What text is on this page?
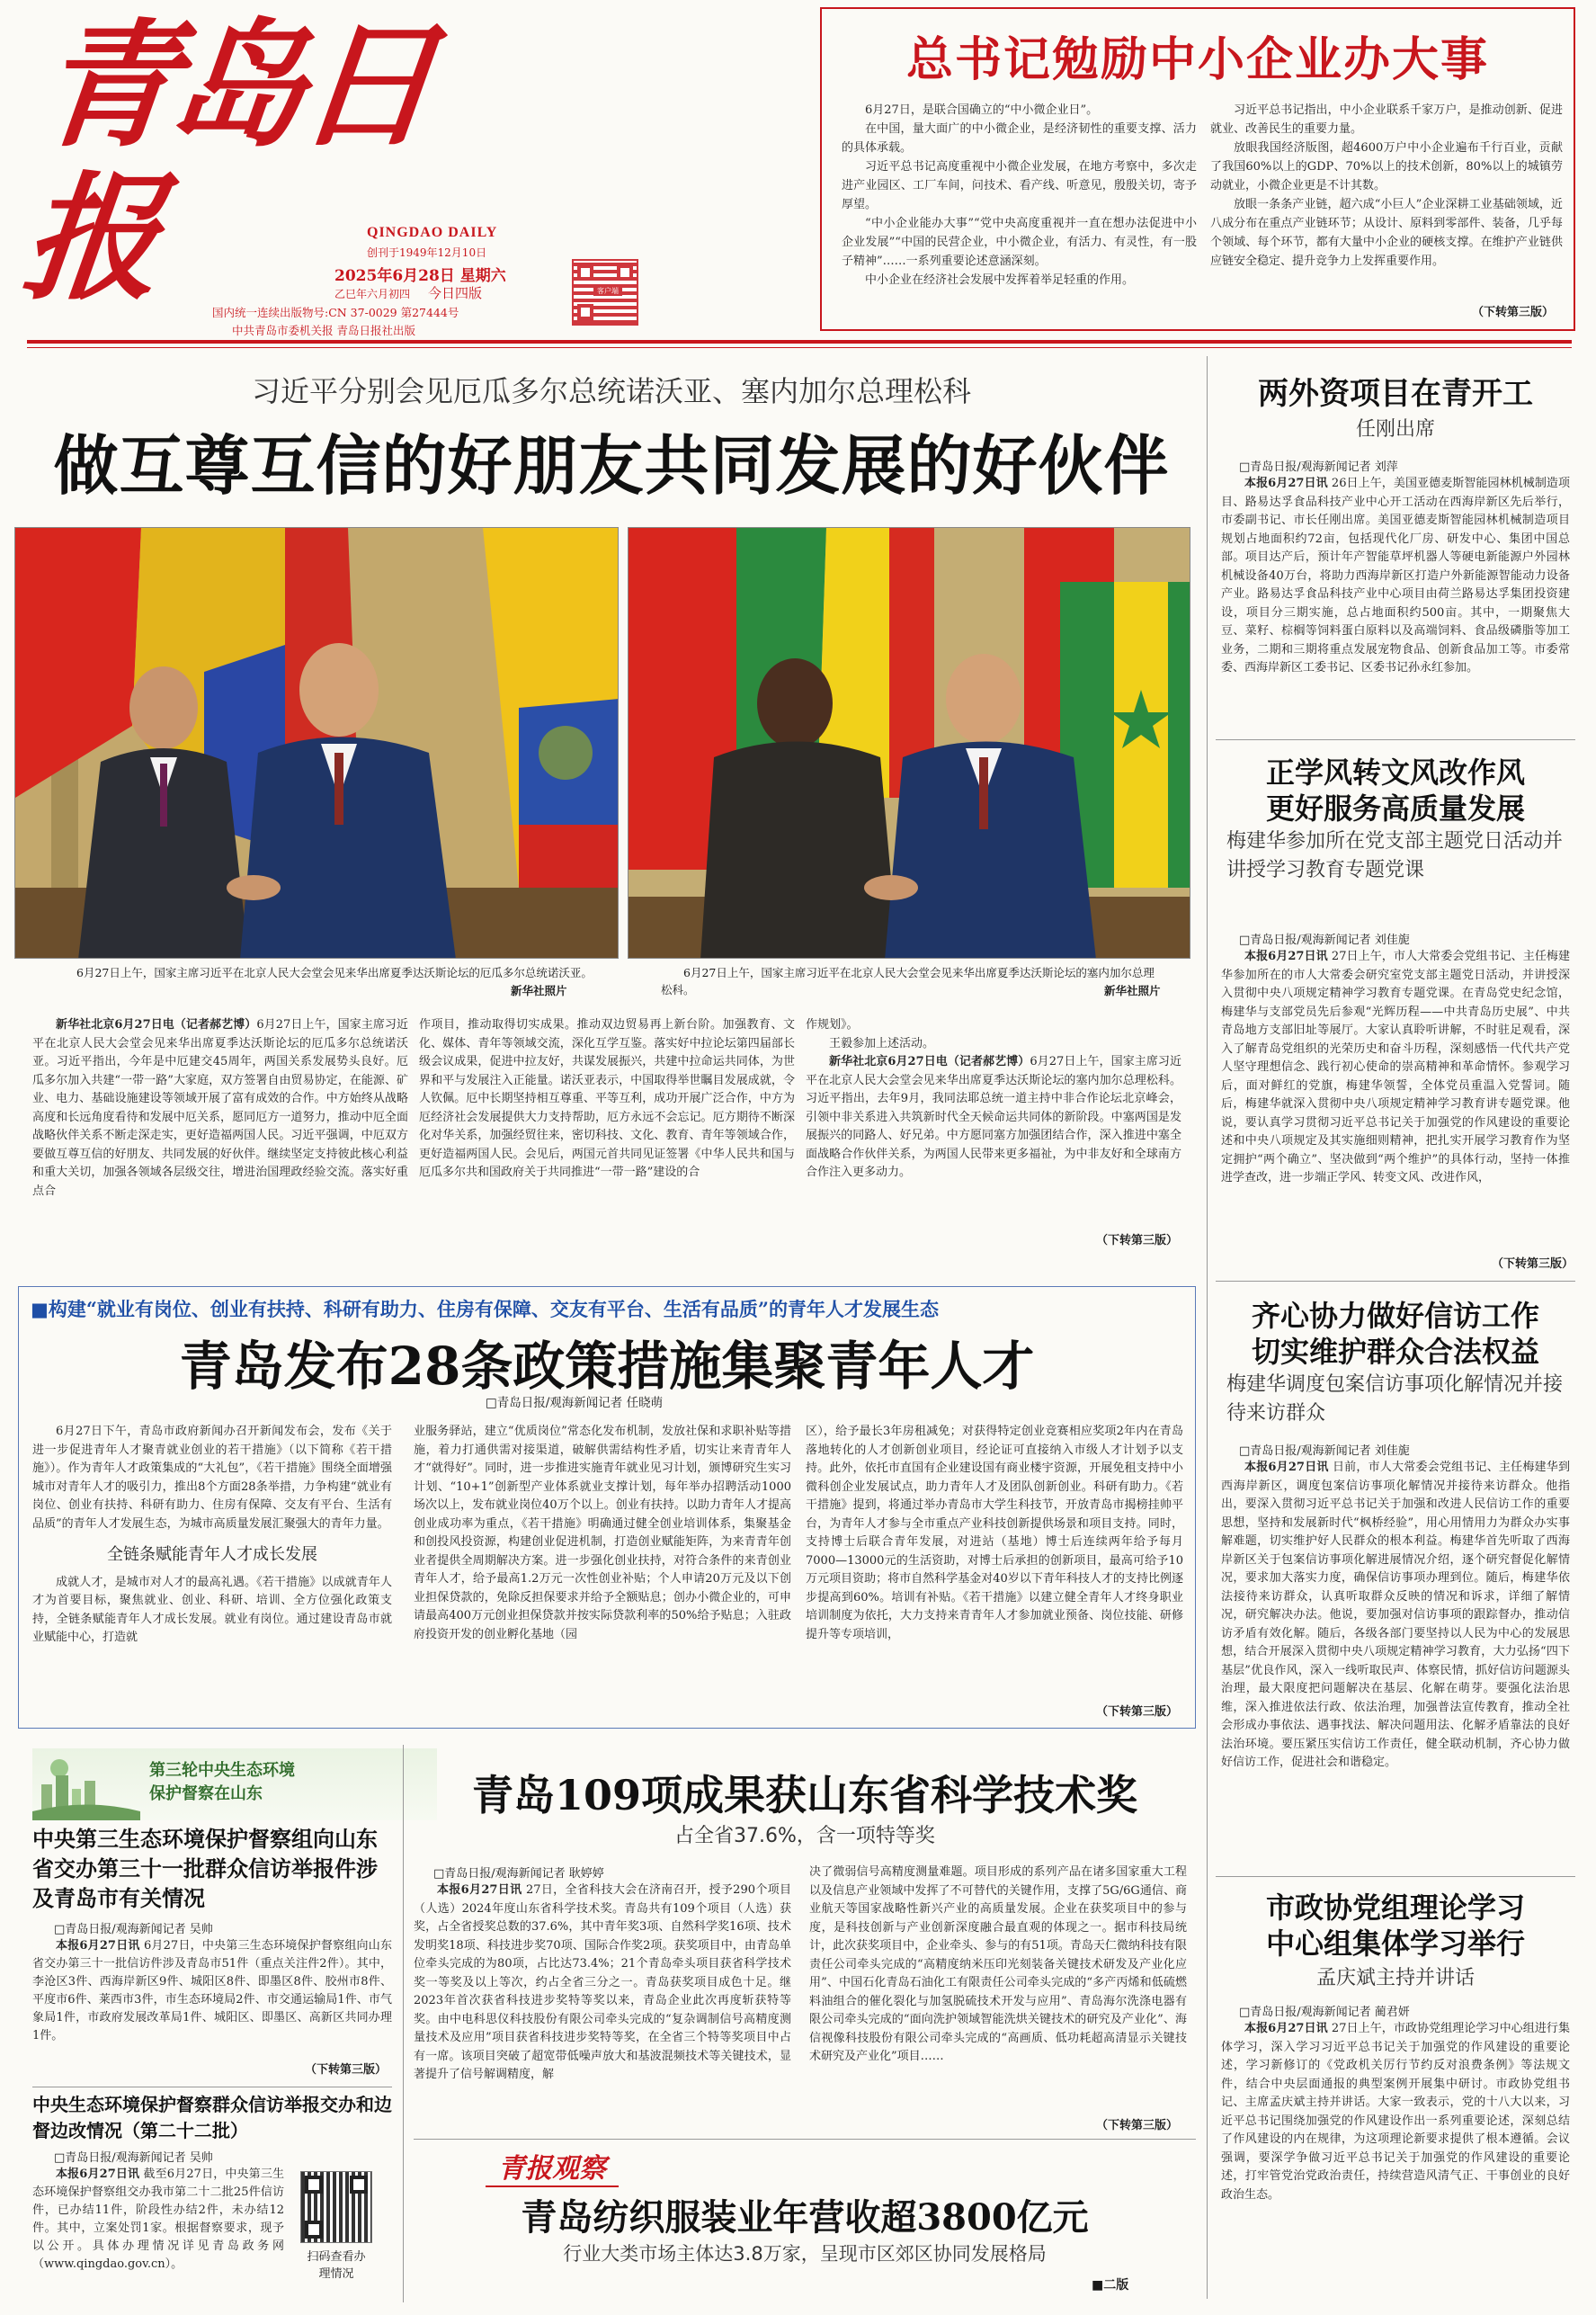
青岛日报	QINGDAO DAILY
创刊于1949年12月10日
2025年6月28日 星期六
乙巳年六月初四 今日四版
国内统一连续出版物号:CN 37-0029 第27444号
中共青岛市委机关报 青岛日报社出版
客户端
总书记勉励中小企业办大事

6月27日，是联合国确立的“中小微企业日”。

在中国，量大面广的中小微企业，是经济韧性的重要支撑、活力的具体承载。

习近平总书记高度重视中小微企业发展，在地方考察中，多次走进产业园区、工厂车间，问技术、看产线、听意见，殷殷关切，寄予厚望。

“中小企业能办大事”“党中央高度重视并一直在想办法促进中小企业发展”“中国的民营企业，中小微企业，有活力、有灵性，有一股子精神”……一系列重要论述意涵深刻。

中小企业在经济社会发展中发挥着举足轻重的作用。

习近平总书记指出，中小企业联系千家万户，是推动创新、促进就业、改善民生的重要力量。

放眼我国经济版图，超4600万户中小企业遍布千行百业，贡献了我国60%以上的GDP、70%以上的技术创新，80%以上的城镇劳动就业，小微企业更是不计其数。

放眼一条条产业链，超六成“小巨人”企业深耕工业基础领域，近八成分布在重点产业链环节；从设计、原料到零部件、装备，几乎每个领域、每个环节，都有大量中小企业的硬核支撑。在维护产业链供应链安全稳定、提升竞争力上发挥重要作用。

（下转第三版）
习近平分别会见厄瓜多尔总统诺沃亚、塞内加尔总理松科
做互尊互信的好朋友共同发展的好伙伴
6月27日上午，国家主席习近平在北京人民大会堂会见来华出席夏季达沃斯论坛的厄瓜多尔总统诺沃亚。
新华社照片
6月27日上午，国家主席习近平在北京人民大会堂会见来华出席夏季达沃斯论坛的塞内加尔总理松科。	新华社照片

新华社北京6月27日电（记者郝艺博）6月27日上午，国家主席习近平在北京人民大会堂会见来华出席夏季达沃斯论坛的厄瓜多尔总统诺沃亚。习近平指出，今年是中厄建交45周年，两国关系发展势头良好。厄瓜多尔加入共建“一带一路”大家庭，双方签署自由贸易协定，在能源、矿业、电力、基础设施建设等领域开展了富有成效的合作。中方始终从战略高度和长远角度看待和发展中厄关系，愿同厄方一道努力，推动中厄全面战略伙伴关系不断走深走实，更好造福两国人民。习近平强调，中厄双方要做互尊互信的好朋友、共同发展的好伙伴。继续坚定支持彼此核心利益和重大关切，加强各领域各层级交往，增进治国理政经验交流。落实好重点合

作项目，推动取得切实成果。推动双边贸易再上新台阶。加强教育、文化、媒体、青年等领域交流，深化互学互鉴。落实好中拉论坛第四届部长级会议成果，促进中拉友好，共谋发展振兴，共建中拉命运共同体，为世界和平与发展注入正能量。诺沃亚表示，中国取得举世瞩目发展成就，令人钦佩。厄中长期坚持相互尊重、平等互利，成功开展广泛合作，中方为厄经济社会发展提供大力支持帮助，厄方永远不会忘记。厄方期待不断深化对华关系，加强经贸往来，密切科技、文化、教育、青年等领域合作，更好造福两国人民。会见后，两国元首共同见证签署《中华人民共和国与厄瓜多尔共和国政府关于共同推进“一带一路”建设的合

作规划》。

王毅参加上述活动。

新华社北京6月27日电（记者郝艺博）6月27日上午，国家主席习近平在北京人民大会堂会见来华出席夏季达沃斯论坛的塞内加尔总理松科。习近平指出，去年9月，我同法耶总统一道主持中非合作论坛北京峰会，引领中非关系进入共筑新时代全天候命运共同体的新阶段。中塞两国是发展振兴的同路人、好兄弟。中方愿同塞方加强团结合作，深入推进中塞全面战略合作伙伴关系，为两国人民带来更多福祉，为中非友好和全球南方合作注入更多动力。

（下转第三版）
■构建“就业有岗位、创业有扶持、科研有助力、住房有保障、交友有平台、生活有品质”的青年人才发展生态
青岛发布28条政策措施集聚青年人才
□青岛日报/观海新闻记者 任晓萌

6月27日下午，青岛市政府新闻办召开新闻发布会，发布《关于进一步促进青年人才聚青就业创业的若干措施》（以下简称《若干措施》）。作为青年人才政策集成的“大礼包”，《若干措施》围绕全面增强城市对青年人才的吸引力，推出8个方面28条举措，力争构建“就业有岗位、创业有扶持、科研有助力、住房有保障、交友有平台、生活有品质”的青年人才发展生态，为城市高质量发展汇聚强大的青年力量。

全链条赋能青年人才成长发展

成就人才，是城市对人才的最高礼遇。《若干措施》以成就青年人才为首要目标，聚焦就业、创业、科研、培训、全方位强化政策支持，全链条赋能青年人才成长发展。就业有岗位。通过建设青岛市就业赋能中心，打造就

业服务驿站，建立“优质岗位”常态化发布机制，发放社保和求职补贴等措施，着力打通供需对接渠道，破解供需结构性矛盾，切实让来青青年人才“就得好”。同时，进一步推进实施青年就业见习计划，颁博研究生实习计划、“10+1”创新型产业体系就业支撑计划，每年举办招聘活动1000场次以上，发布就业岗位40万个以上。创业有扶持。以助力青年人才提高创业成功率为重点，《若干措施》明确通过健全创业培训体系，集聚基金和创投风投资源，构建创业促进机制，打造创业赋能矩阵，为来青青年创业者提供全周期解决方案。进一步强化创业扶持，对符合条件的来青创业青年人才，给予最高1.2万元一次性创业补贴；个人申请20万元及以下创业担保贷款的，免除反担保要求并给予全额贴息；创办小微企业的，可申请最高400万元创业担保贷款并按实际贷款利率的50%给予贴息；入驻政府投资开发的创业孵化基地（园

区），给予最长3年房租减免；对获得特定创业竞赛相应奖项2年内在青岛落地转化的人才创新创业项目，经论证可直接纳入市级人才计划予以支持。此外，依托市直国有企业建设国有商业楼宇资源，开展免租支持中小微科创企业发展试点，助力青年人才及团队创新创业。科研有助力。《若干措施》提到，将通过举办青岛市大学生科技节，开放青岛市揭榜挂帅平台，为青年人才参与全市重点产业科技创新提供场景和项目支持。同时，支持博士后联合青年发展，对进站（基地）博士后连续两年给予每月7000—13000元的生活资助，对博士后承担的创新项目，最高可给予10万元项目资助；将市自然科学基金对40岁以下青年科技人才的支持比例逐步提高到60%。培训有补贴。《若干措施》以建立健全青年人才终身职业培训制度为依托，大力支持来青青年人才参加就业预备、岗位技能、研修提升等专项培训，

（下转第三版）
第三轮中央生态环境
保护督察在山东
中央第三生态环境保护督察组向山东省交办第三十一批群众信访举报件涉及青岛市有关情况
□青岛日报/观海新闻记者 吴帅

本报6月27日讯 6月27日，中央第三生态环境保护督察组向山东省交办第三十一批信访件涉及青岛市51件（重点关注件2件）。其中，李沧区3件、西海岸新区9件、城阳区8件、即墨区8件、胶州市8件、平度市6件、莱西市3件，市生态环境局2件、市交通运输局1件、市气象局1件，市政府发展改革局1件、城阳区、即墨区、高新区共同办理1件。

（下转第三版）
中央生态环境保护督察群众信访举报交办和边督边改情况（第二十二批）
□青岛日报/观海新闻记者 吴帅

本报6月27日讯 截至6月27日，中央第三生态环境保护督察组交办我市第二十二批25件信访件，已办结11件，阶段性办结2件，未办结12件。其中，立案处罚1家。根据督察要求，现予以公开。具体办理情况详见青岛政务网（www.qingdao.gov.cn）。

扫码查看办理情况
青岛109项成果获山东省科学技术奖
占全省37.6%，含一项特等奖
□青岛日报/观海新闻记者 耿婷婷

本报6月27日讯 27日，全省科技大会在济南召开，授予290个项目（人选）2024年度山东省科学技术奖。青岛共有109个项目（人选）获奖，占全省授奖总数的37.6%，其中青年奖3项、自然科学奖16项、技术发明奖18项、科技进步奖70项、国际合作奖2项。获奖项目中，由青岛单位牵头完成的为80项，占比达73.4%；21个青岛牵头项目获省科学技术奖一等奖及以上等次，约占全省三分之一。青岛获奖项目成色十足。继2023年首次获省科技进步奖特等奖以来，青岛企业此次再度斩获特等奖。由中电科思仪科技股份有限公司牵头完成的“复杂调制信号高精度测量技术及应用”项目获省科技进步奖特等奖，在全省三个特等奖项目中占有一席。该项目突破了超宽带低噪声放大和基波混频技术等关键技术，显著提升了信号解调精度，解

决了微弱信号高精度测量难题。项目形成的系列产品在诸多国家重大工程以及信息产业领域中发挥了不可替代的关键作用，支撑了5G/6G通信、商业航天等国家战略性新兴产业的高质量发展。企业在获奖项目中的参与度，是科技创新与产业创新深度融合最直观的体现之一。据市科技局统计，此次获奖项目中，企业牵头、参与的有51项。青岛天仁微纳科技有限责任公司牵头完成的“高精度纳米压印光刻装备关键技术研发及产业化应用”、中国石化青岛石油化工有限责任公司牵头完成的“多产丙烯和低硫燃料油组合的催化裂化与加氢脱硫技术开发与应用”、青岛海尔洗涤电器有限公司牵头完成的“面向洗护领域智能洗烘关键技术的研究及产业化”、海信视像科技股份有限公司牵头完成的“高画质、低功耗超高清显示关键技术研究及产业化”项目……

（下转第三版）
青报观察
青岛纺织服装业年营收超3800亿元
行业大类市场主体达3.8万家，呈现市区郊区协同发展格局
■二版
两外资项目在青开工
任刚出席
□青岛日报/观海新闻记者 刘萍

本报6月27日讯 26日上午，美国亚德麦斯智能园林机械制造项目、路易达孚食品科技产业中心开工活动在西海岸新区先后举行，市委副书记、市长任刚出席。美国亚德麦斯智能园林机械制造项目规划占地面积约72亩，包括现代化厂房、研发中心、集团中国总部。项目达产后，预计年产智能草坪机器人等硬电新能源户外园林机械设备40万台，将助力西海岸新区打造户外新能源智能动力设备产业。路易达孚食品科技产业中心项目由荷兰路易达孚集团投资建设，项目分三期实施，总占地面积约500亩。其中，一期聚焦大豆、菜籽、棕榈等饲料蛋白原料以及高端饲料、食品级磷脂等加工业务，二期和三期将重点发展宠物食品、创新食品加工等。市委常委、西海岸新区工委书记、区委书记孙永红参加。

正学风转文风改作风
更好服务高质量发展
梅建华参加所在党支部主题党日活动并讲授学习教育专题党课
□青岛日报/观海新闻记者 刘佳旎

本报6月27日讯 27日上午，市人大常委会党组书记、主任梅建华参加所在的市人大常委会研究室党支部主题党日活动，并讲授深入贯彻中央八项规定精神学习教育专题党课。在青岛党史纪念馆，梅建华与支部党员先后参观“光辉历程——中共青岛历史展”、中共青岛地方支部旧址等展厅。大家认真聆听讲解，不时驻足观看，深入了解青岛党组织的光荣历史和奋斗历程，深刻感悟一代代共产党人坚守理想信念、践行初心使命的崇高精神和革命情怀。参观学习后，面对鲜红的党旗，梅建华领誓，全体党员重温入党誓词。随后，梅建华就深入贯彻中央八项规定精神学习教育讲专题党课。他说，要认真学习贯彻习近平总书记关于加强党的作风建设的重要论述和中央八项规定及其实施细则精神，把扎实开展学习教育作为坚定拥护“两个确立”、坚决做到“两个维护”的具体行动，坚持一体推进学查改，进一步端正学风、转变文风、改进作风，

（下转第三版）
齐心协力做好信访工作
切实维护群众合法权益
梅建华调度包案信访事项化解情况并接待来访群众
□青岛日报/观海新闻记者 刘佳旎

本报6月27日讯 日前，市人大常委会党组书记、主任梅建华到西海岸新区，调度包案信访事项化解情况并接待来访群众。他指出，要深入贯彻习近平总书记关于加强和改进人民信访工作的重要思想，坚持和发展新时代“枫桥经验”，用心用情用力为群众办实事解难题，切实维护好人民群众的根本利益。梅建华首先听取了西海岸新区关于包案信访事项化解进展情况介绍，逐个研究督促化解情况，要求加大落实力度，确保信访事项办理到位。随后，梅建华依法接待来访群众，认真听取群众反映的情况和诉求，详细了解情况，研究解决办法。他说，要加强对信访事项的跟踪督办，推动信访矛盾有效化解。随后，各级各部门要坚持以人民为中心的发展思想，结合开展深入贯彻中央八项规定精神学习教育，大力弘扬“四下基层”优良作风，深入一线听取民声、体察民情，抓好信访问题源头治理，最大限度把问题解决在基层、化解在萌芽。要强化法治思维，深入推进依法行政、依法治理，加强普法宣传教育，推动全社会形成办事依法、遇事找法、解决问题用法、化解矛盾靠法的良好法治环境。要压紧压实信访工作责任，健全联动机制，齐心协力做好信访工作，促进社会和谐稳定。

市政协党组理论学习
中心组集体学习举行
孟庆斌主持并讲话
□青岛日报/观海新闻记者 蔺君妍

本报6月27日讯 27日上午，市政协党组理论学习中心组进行集体学习，深入学习习近平总书记关于加强党的作风建设的重要论述，学习新修订的《党政机关厉行节约反对浪费条例》等法规文件，结合中央层面通报的典型案例开展集中研讨。市政协党组书记、主席孟庆斌主持并讲话。大家一致表示，党的十八大以来，习近平总书记围绕加强党的作风建设作出一系列重要论述，深刻总结了作风建设的内在规律，为这项理论新要求提供了根本遵循。会议强调，要深学争做习近平总书记关于加强党的作风建设的重要论述，打牢管党治党政治责任，持续营造风清气正、干事创业的良好政治生态。
